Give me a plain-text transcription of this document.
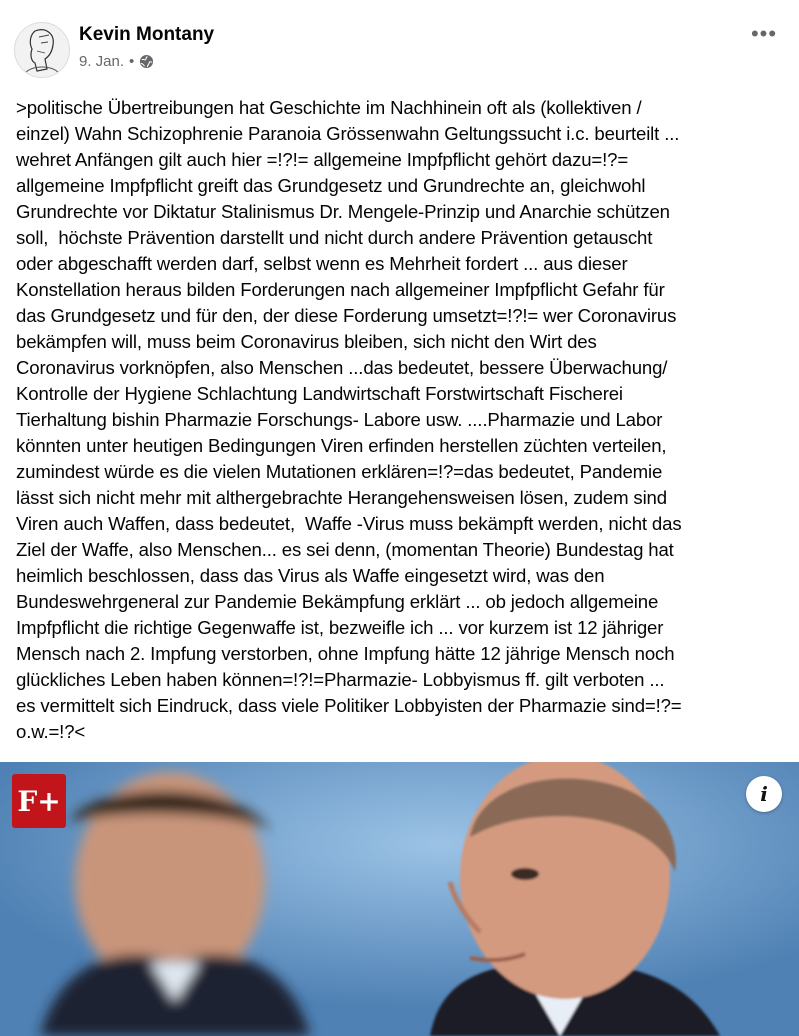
Kevin Montany
9. Jan. •
•••
>politische Übertreibungen hat Geschichte im Nachhinein oft als (kollektiven /
einzel) Wahn Schizophrenie Paranoia Grössenwahn Geltungssucht i.c. beurteilt ...
wehret Anfängen gilt auch hier =!?!= allgemeine Impfpflicht gehört dazu=!?=
allgemeine Impfpflicht greift das Grundgesetz und Grundrechte an, gleichwohl
Grundrechte vor Diktatur Stalinismus Dr. Mengele-Prinzip und Anarchie schützen
soll,  höchste Prävention darstellt und nicht durch andere Prävention getauscht
oder abgeschafft werden darf, selbst wenn es Mehrheit fordert ... aus dieser
Konstellation heraus bilden Forderungen nach allgemeiner Impfpflicht Gefahr für
das Grundgesetz und für den, der diese Forderung umsetzt=!?!= wer Coronavirus
bekämpfen will, muss beim Coronavirus bleiben, sich nicht den Wirt des
Coronavirus vorknöpfen, also Menschen ...das bedeutet, bessere Überwachung/
Kontrolle der Hygiene Schlachtung Landwirtschaft Forstwirtschaft Fischerei
Tierhaltung bishin Pharmazie Forschungs- Labore usw. ....Pharmazie und Labor
könnten unter heutigen Bedingungen Viren erfinden herstellen züchten verteilen,
zumindest würde es die vielen Mutationen erklären=!?=das bedeutet, Pandemie
lässt sich nicht mehr mit althergebrachte Herangehensweisen lösen, zudem sind
Viren auch Waffen, dass bedeutet,  Waffe -Virus muss bekämpft werden, nicht das
Ziel der Waffe, also Menschen... es sei denn, (momentan Theorie) Bundestag hat
heimlich beschlossen, dass das Virus als Waffe eingesetzt wird, was den
Bundeswehrgeneral zur Pandemie Bekämpfung erklärt ... ob jedoch allgemeine
Impfpflicht die richtige Gegenwaffe ist, bezweifle ich ... vor kurzem ist 12 jähriger
Mensch nach 2. Impfung verstorben, ohne Impfung hätte 12 jährige Mensch noch
glückliches Leben haben können=!?!=Pharmazie- Lobbyismus ff. gilt verboten ...
es vermittelt sich Eindruck, dass viele Politiker Lobbyisten der Pharmazie sind=!?=
o.w.=!?<
F+	i
